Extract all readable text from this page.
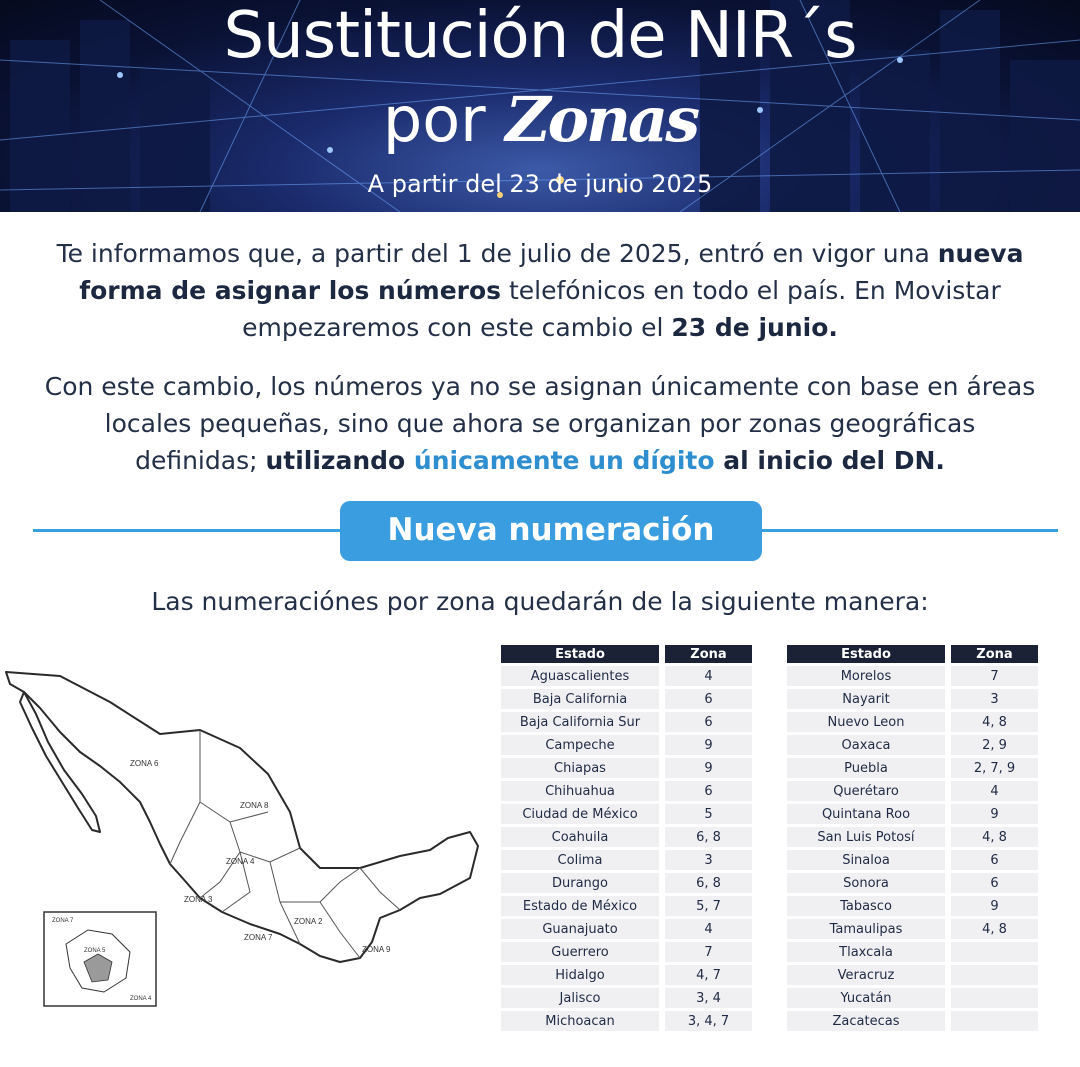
Sustitución de NIR´s
por Zonas
A partir del 23 de junio 2025
Te informamos que, a partir del 1 de julio de 2025, entró en vigor una nueva forma de asignar los números telefónicos en todo el país. En Movistar empezaremos con este cambio el 23 de junio.
Con este cambio, los números ya no se asignan únicamente con base en áreas locales pequeñas, sino que ahora se organizan por zonas geográficas definidas; utilizando únicamente un dígito al inicio del DN.
Nueva numeración
Las numeraciónes por zona quedarán de la siguiente manera:
ZONA 6
ZONA 8
ZONA 4
ZONA 3
ZONA 2
ZONA 7
ZONA 9
ZONA 7
ZONA 5
ZONA 4
Estado	Zona
Aguascalientes	4
Baja California	6
Baja California Sur	6
Campeche	9
Chiapas	9
Chihuahua	6
Ciudad de México	5
Coahuila	6, 8
Colima	3
Durango	6, 8
Estado de México	5, 7
Guanajuato	4
Guerrero	7
Hidalgo	4, 7
Jalisco	3, 4
Michoacan	3, 4, 7
Estado	Zona
Morelos	7
Nayarit	3
Nuevo Leon	4, 8
Oaxaca	2, 9
Puebla	2, 7, 9
Querétaro	4
Quintana Roo	9
San Luis Potosí	4, 8
Sinaloa	6
Sonora	6
Tabasco	9
Tamaulipas	4, 8
Tlaxcala	
Veracruz	
Yucatán	
Zacatecas	
